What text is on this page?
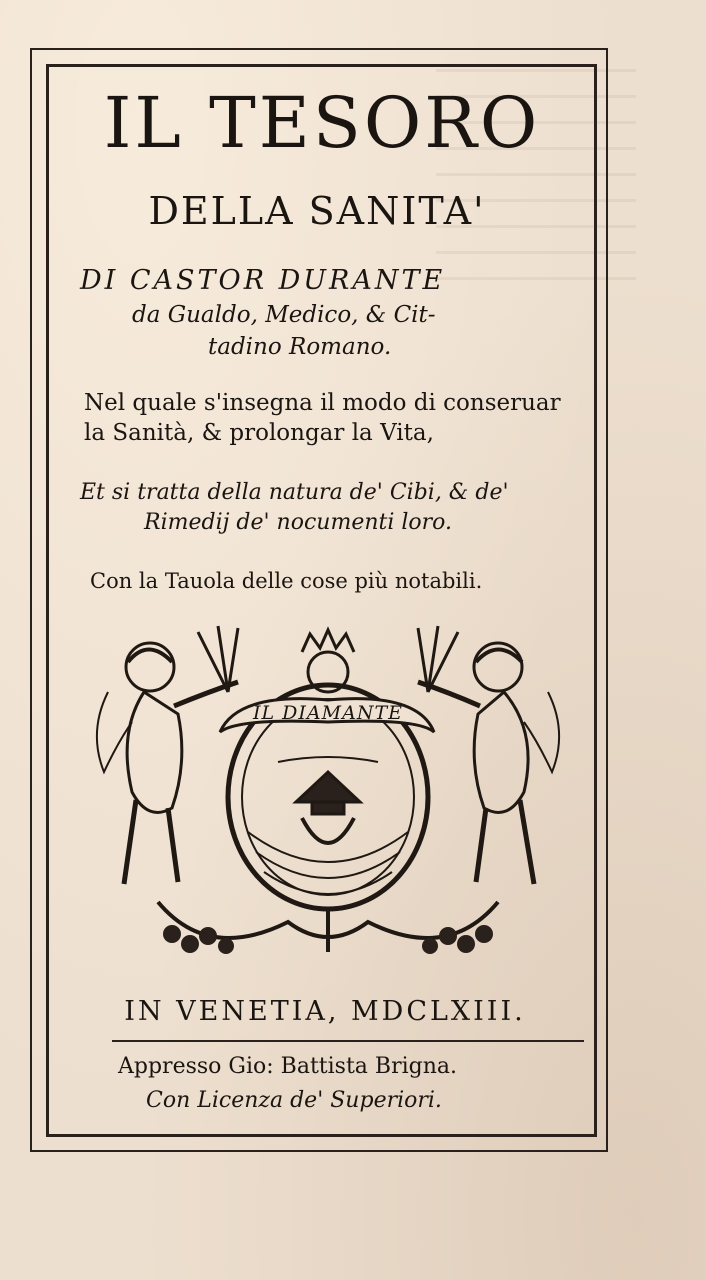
IL TESORO
DELLA SANITA'
DI CASTOR DURANTE
da Gualdo, Medico, & Cit-
tadino Romano.
Nel quale s'insegna il modo di conseruar
la Sanità, & prolongar la Vita,
Et si tratta della natura de' Cibi, & de'
Rimedij de' nocumenti loro.
Con la Tauola delle cose più notabili.
IL DIAMANTE
IN VENETIA, MDCLXIII.
Appresso Gio: Battista Brigna.
Con Licenza de' Superiori.
